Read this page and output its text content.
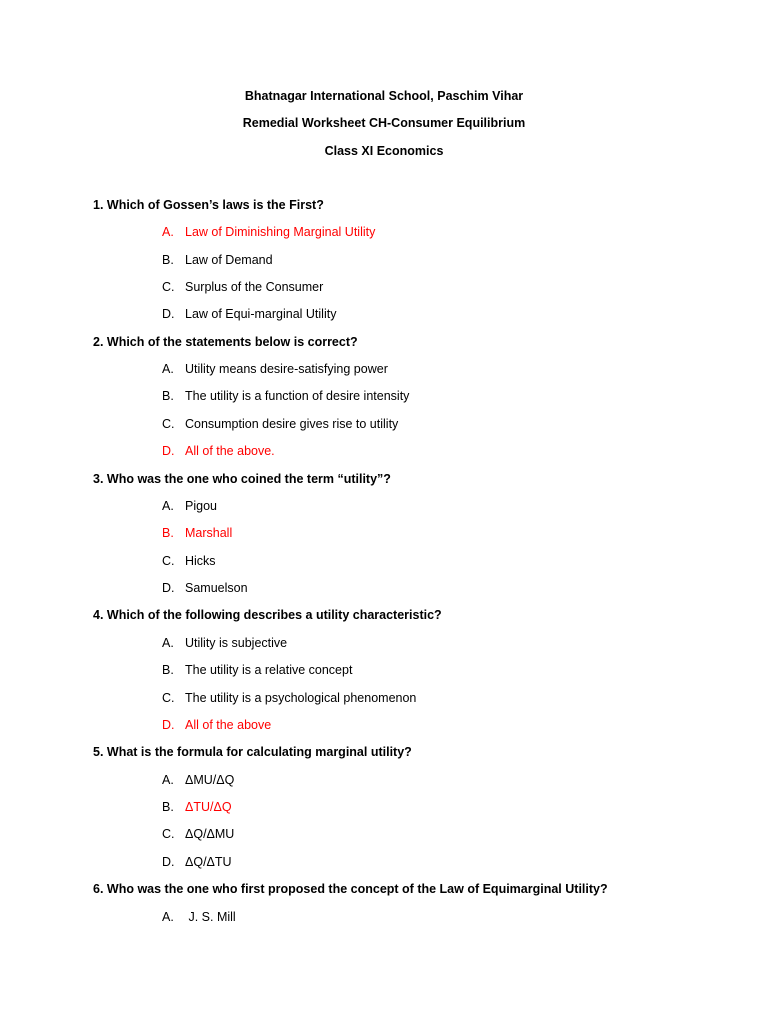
Bhatnagar International School, Paschim Vihar
Remedial Worksheet CH-Consumer Equilibrium
Class XI Economics
1. Which of Gossen’s laws is the First?
A. Law of Diminishing Marginal Utility
B. Law of Demand
C. Surplus of the Consumer
D. Law of Equi-marginal Utility
2. Which of the statements below is correct?
A. Utility means desire-satisfying power
B. The utility is a function of desire intensity
C. Consumption desire gives rise to utility
D. All of the above.
3. Who was the one who coined the term “utility”?
A. Pigou
B. Marshall
C. Hicks
D. Samuelson
4. Which of the following describes a utility characteristic?
A. Utility is subjective
B. The utility is a relative concept
C. The utility is a psychological phenomenon
D. All of the above
5. What is the formula for calculating marginal utility?
A. ΔMU/ΔQ
B. ΔTU/ΔQ
C. ΔQ/ΔMU
D. ΔQ/ΔTU
6. Who was the one who first proposed the concept of the Law of Equimarginal Utility?
A. J. S. Mill
